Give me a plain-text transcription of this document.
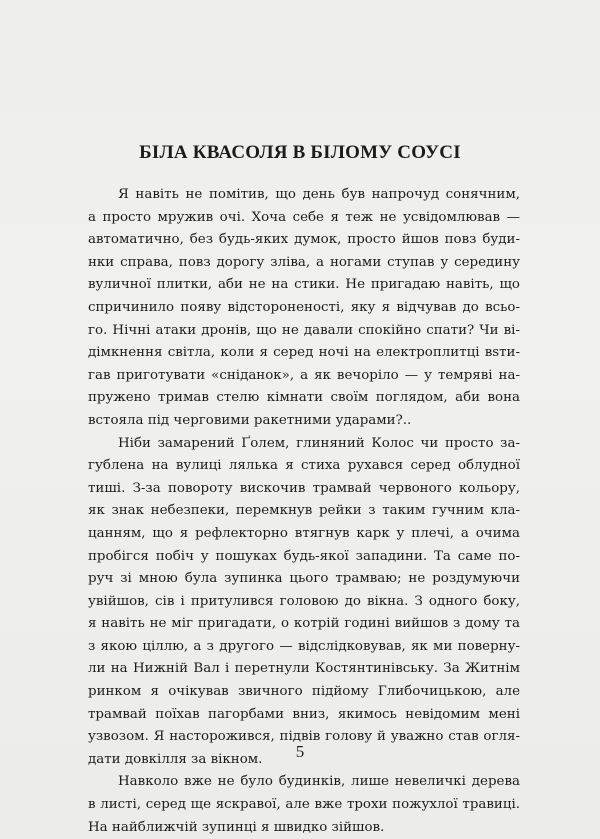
БІЛА КВАСОЛЯ В БІЛОМУ СОУСІ

Я навіть не помітив, що день був напрочуд сонячним,
а просто мружив очі. Хоча себе я теж не усвідомлював —
автоматично, без будь-яких думок, просто йшов повз буди-
нки справа, повз дорогу зліва, а ногами ступав у середину
вуличної плитки, аби не на стики. Не пригадаю навіть, що
спричинило появу відстороненості, яку я відчував до всьо-
го. Нічні атаки дронів, що не давали спокійно спати? Чи ві-
дімкнення світла, коли я серед ночі на електроплитці вsти-
гав приготувати «сніданок», а як вечоріло — у темряві на-
пружено тримав стелю кімнати своїм поглядом, аби вона
встояла під черговими ракетними ударами?..

Ніби замарений Ґолем, глиняний Колос чи просто за-
гублена на вулиці лялька я стиха рухався серед облудної
тиші. З-за повороту вискочив трамвай червоного кольору,
як знак небезпеки, перемкнув рейки з таким гучним кла-
цанням, що я рефлекторно втягнув карк у плечі, а очима
пробігся побіч у пошуках будь-якої западини. Та саме по-
руч зі мною була зупинка цього трамваю; не роздумуючи
увійшов, сів і притулився головою до вікна. З одного боку,
я навіть не міг пригадати, о котрій годині вийшов з дому та
з якою ціллю, а з другого — відслідковував, як ми поверну-
ли на Нижній Вал і перетнули Костянтинівську. За Житнім
ринком я очікував звичного підйому Глибочицькою, але
трамвай поїхав пагорбами вниз, якимось невідомим мені
узвозом. Я насторожився, підвів голову й уважно став огля-
дати довкілля за вікном.

Навколо вже не було будинків, лише невеличкі дерева
в листі, серед ще яскравої, але вже трохи пожухлої травиці.
На найближчій зупинці я швидко зійшов.

5
